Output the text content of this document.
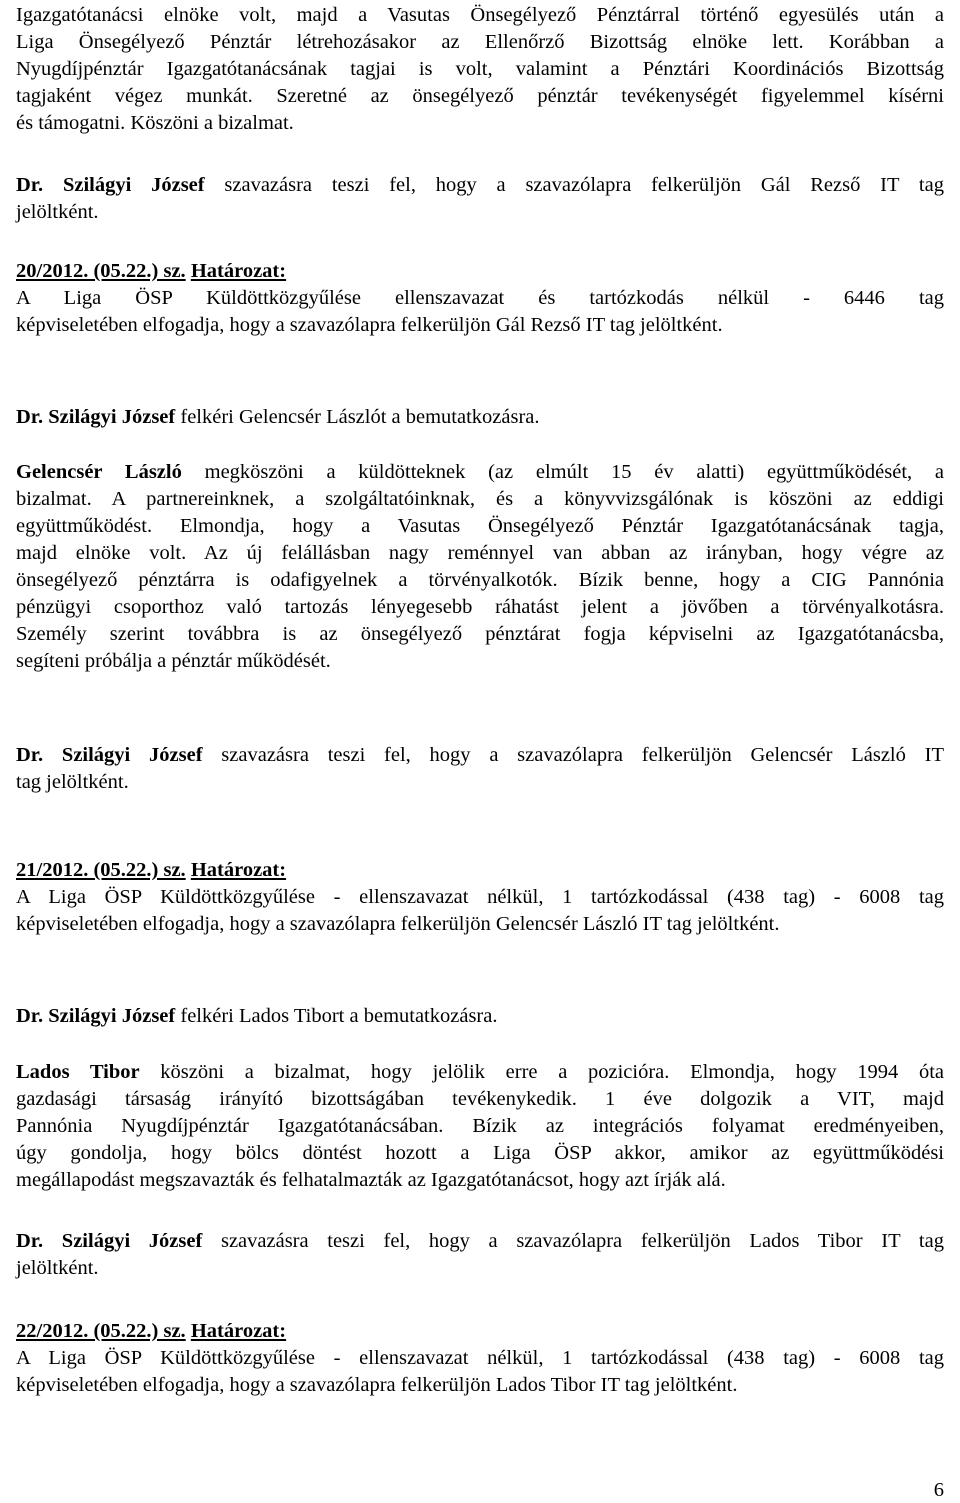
Igazgatótanácsi elnöke volt, majd a Vasutas Önsegélyező Pénztárral történő egyesülés után a
Liga Önsegélyező Pénztár létrehozásakor az Ellenőrző Bizottság elnöke lett. Korábban a
Nyugdíjpénztár Igazgatótanácsának tagjai is volt, valamint a Pénztári Koordinációs Bizottság
tagjaként végez munkát. Szeretné az önsegélyező pénztár tevékenységét figyelemmel kísérni
és támogatni. Köszöni a bizalmat.
Dr. Szilágyi József szavazásra teszi fel, hogy a szavazólapra felkerüljön Gál Rezső IT tag
jelöltként.
20/2012. (05.22.) sz. Határozat:
A Liga ÖSP Küldöttközgyűlése ellenszavazat és tartózkodás nélkül - 6446 tag
képviseletében elfogadja, hogy a szavazólapra felkerüljön Gál Rezső IT tag jelöltként.
Dr. Szilágyi József felkéri Gelencsér Lászlót a bemutatkozásra.
Gelencsér László megköszöni a küldötteknek (az elmúlt 15 év alatti) együttműködését, a
bizalmat. A partnereinknek, a szolgáltatóinknak, és a könyvvizsgálónak is köszöni az eddigi
együttműködést. Elmondja, hogy a Vasutas Önsegélyező Pénztár Igazgatótanácsának tagja,
majd elnöke volt. Az új felállásban nagy reménnyel van abban az irányban, hogy végre az
önsegélyező pénztárra is odafigyelnek a törvényalkotók. Bízik benne, hogy a CIG Pannónia
pénzügyi csoporthoz való tartozás lényegesebb ráhatást jelent a jövőben a törvényalkotásra.
Személy szerint továbbra is az önsegélyező pénztárat fogja képviselni az Igazgatótanácsba,
segíteni próbálja a pénztár működését.
Dr. Szilágyi József szavazásra teszi fel, hogy a szavazólapra felkerüljön Gelencsér László IT
tag jelöltként.
21/2012. (05.22.) sz. Határozat:
A Liga ÖSP Küldöttközgyűlése - ellenszavazat nélkül, 1 tartózkodással (438 tag) - 6008 tag
képviseletében elfogadja, hogy a szavazólapra felkerüljön Gelencsér László IT tag jelöltként.
Dr. Szilágyi József felkéri Lados Tibort a bemutatkozásra.
Lados Tibor köszöni a bizalmat, hogy jelölik erre a pozicióra. Elmondja, hogy 1994 óta
gazdasági társaság irányító bizottságában tevékenykedik. 1 éve dolgozik a VIT, majd
Pannónia Nyugdíjpénztár Igazgatótanácsában. Bízik az integrációs folyamat eredményeiben,
úgy gondolja, hogy bölcs döntést hozott a Liga ÖSP akkor, amikor az együttműködési
megállapodást megszavazták és felhatalmazták az Igazgatótanácsot, hogy azt írják alá.
Dr. Szilágyi József szavazásra teszi fel, hogy a szavazólapra felkerüljön Lados Tibor IT tag
jelöltként.
22/2012. (05.22.) sz. Határozat:
A Liga ÖSP Küldöttközgyűlése - ellenszavazat nélkül, 1 tartózkodással (438 tag) - 6008 tag
képviseletében elfogadja, hogy a szavazólapra felkerüljön Lados Tibor IT tag jelöltként.
6
